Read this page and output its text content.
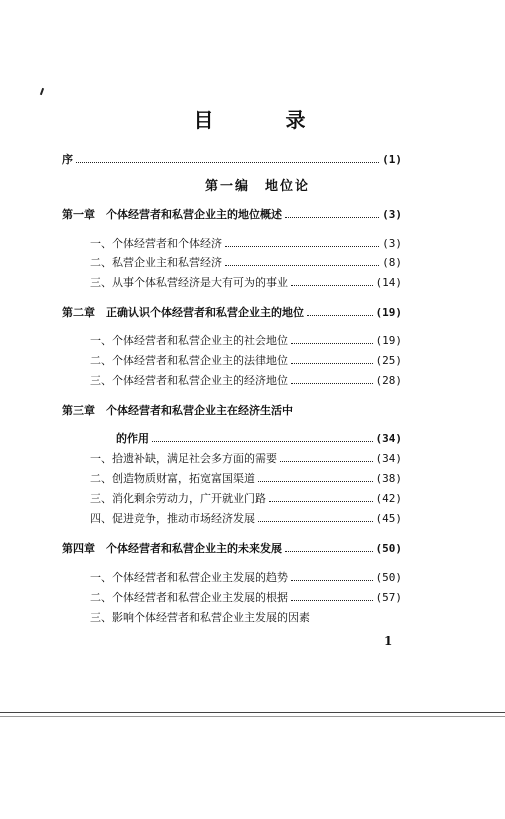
目　录
序	(1)
第一编　地位论
第一章　个体经营者和私营企业主的地位概述	(3)
一、个体经营者和个体经济	(3)
二、私营企业主和私营经济	(8)
三、从事个体私营经济是大有可为的事业	(14)
第二章　正确认识个体经营者和私营企业主的地位	(19)
一、个体经营者和私营企业主的社会地位	(19)
二、个体经营者和私营企业主的法律地位	(25)
三、个体经营者和私营企业主的经济地位	(28)
第三章　个体经营者和私营企业主在经济生活中
的作用	(34)
一、拾遗补缺，满足社会多方面的需要	(34)
二、创造物质财富，拓宽富国渠道	(38)
三、消化剩余劳动力，广开就业门路	(42)
四、促进竞争，推动市场经济发展	(45)
第四章　个体经营者和私营企业主的未来发展	(50)
一、个体经营者和私营企业主发展的趋势	(50)
二、个体经营者和私营企业主发展的根据	(57)
三、影响个体经营者和私营企业主发展的因素
1
